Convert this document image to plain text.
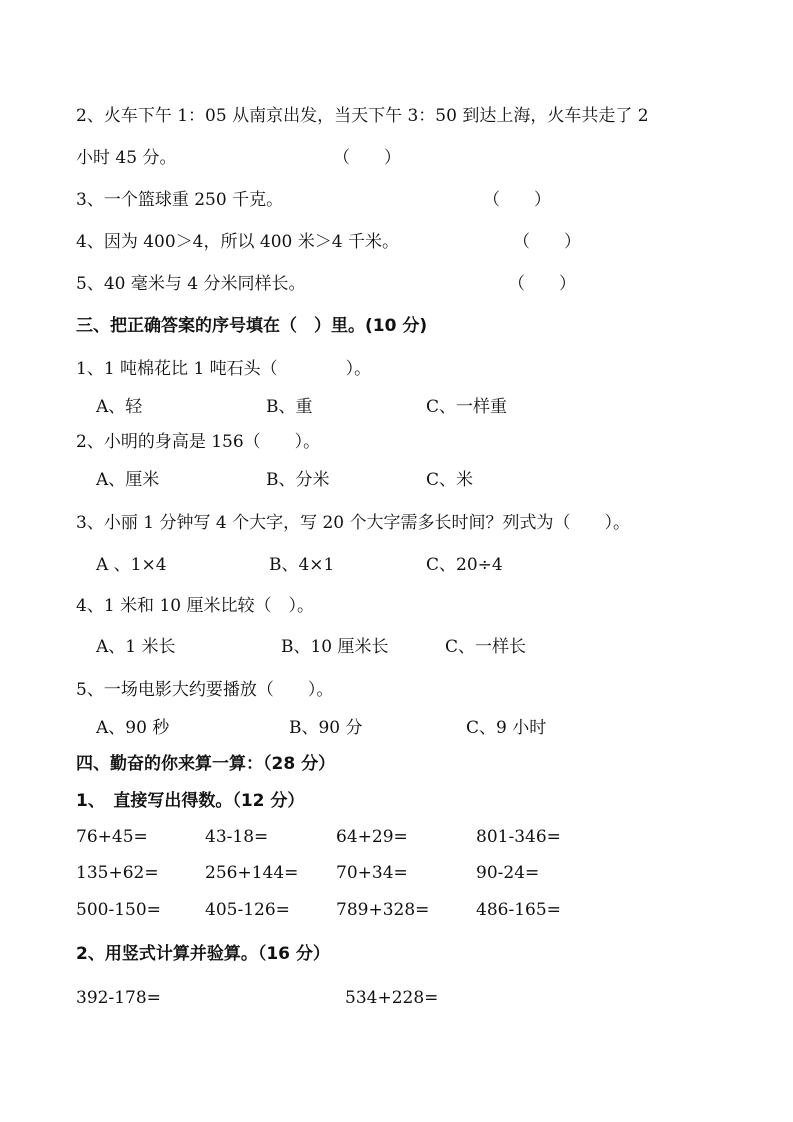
2、火车下午 1：05 从南京出发，当天下午 3：50 到达上海，火车共走了 2
小时 45 分。	（　　）
3、一个篮球重 250 千克。	（　　）
4、因为 400＞4，所以 400 米＞4 千米。	（　　）
5、40 毫米与 4 分米同样长。	（　　）
三、把正确答案的序号填在（　）里。(10 分)
1、1 吨棉花比 1 吨石头（　　　　）。
A、轻	B、重	C、一样重
2、小明的身高是 156（　　）。
A、厘米	B、分米	C、米
3、小丽 1 分钟写 4 个大字，写 20 个大字需多长时间？列式为（　　）。
A 、1×4	B、4×1	C、20÷4
4、1 米和 10 厘米比较（　）。
A、1 米长	B、10 厘米长	C、一样长
5、一场电影大约要播放（　　）。
A、90 秒	B、90 分	C、9 小时
四、勤奋的你来算一算：（28 分）
1、　直接写出得数。（12 分）
76+45=	43-18=	64+29=	801-346=
135+62=	256+144= 70+34=	90-24=
500-150=	405-126=	789+328=	486-165=
2、用竖式计算并验算。（16 分）
392-178=	534+228=
